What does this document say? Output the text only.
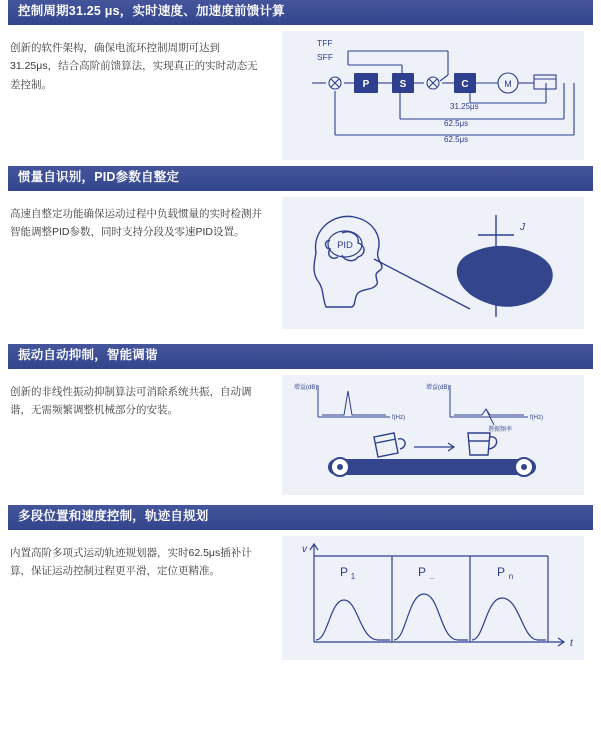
控制周期31.25 μs，实时速度、加速度前馈计算
创新的软件架构，确保电流环控制周期可达到31.25μs，结合高阶前馈算法，实现真正的实时动态无差控制。	P	S	C	M
TFF
SFF
31.25μs
62.5μs
62.5μs
惯量自识别，PID参数自整定
高速自整定功能确保运动过程中负载惯量的实时检测并智能调整PID参数，同时支持分段及零速PID设置。
PID
J
振动自动抑制，智能调谐
创新的非线性振动抑制算法可消除系统共振，自动调谐，无需频繁调整机械部分的安装。
增益(dB)
f(Hz)
增益(dB)
f(Hz)
谐振频率
多段位置和速度控制，轨迹自规划
内置高阶多项式运动轨迹规划器，实时62.5μs插补计算，保证运动控制过程更平滑，定位更精准。
v
t
P 1	P ..	P n
